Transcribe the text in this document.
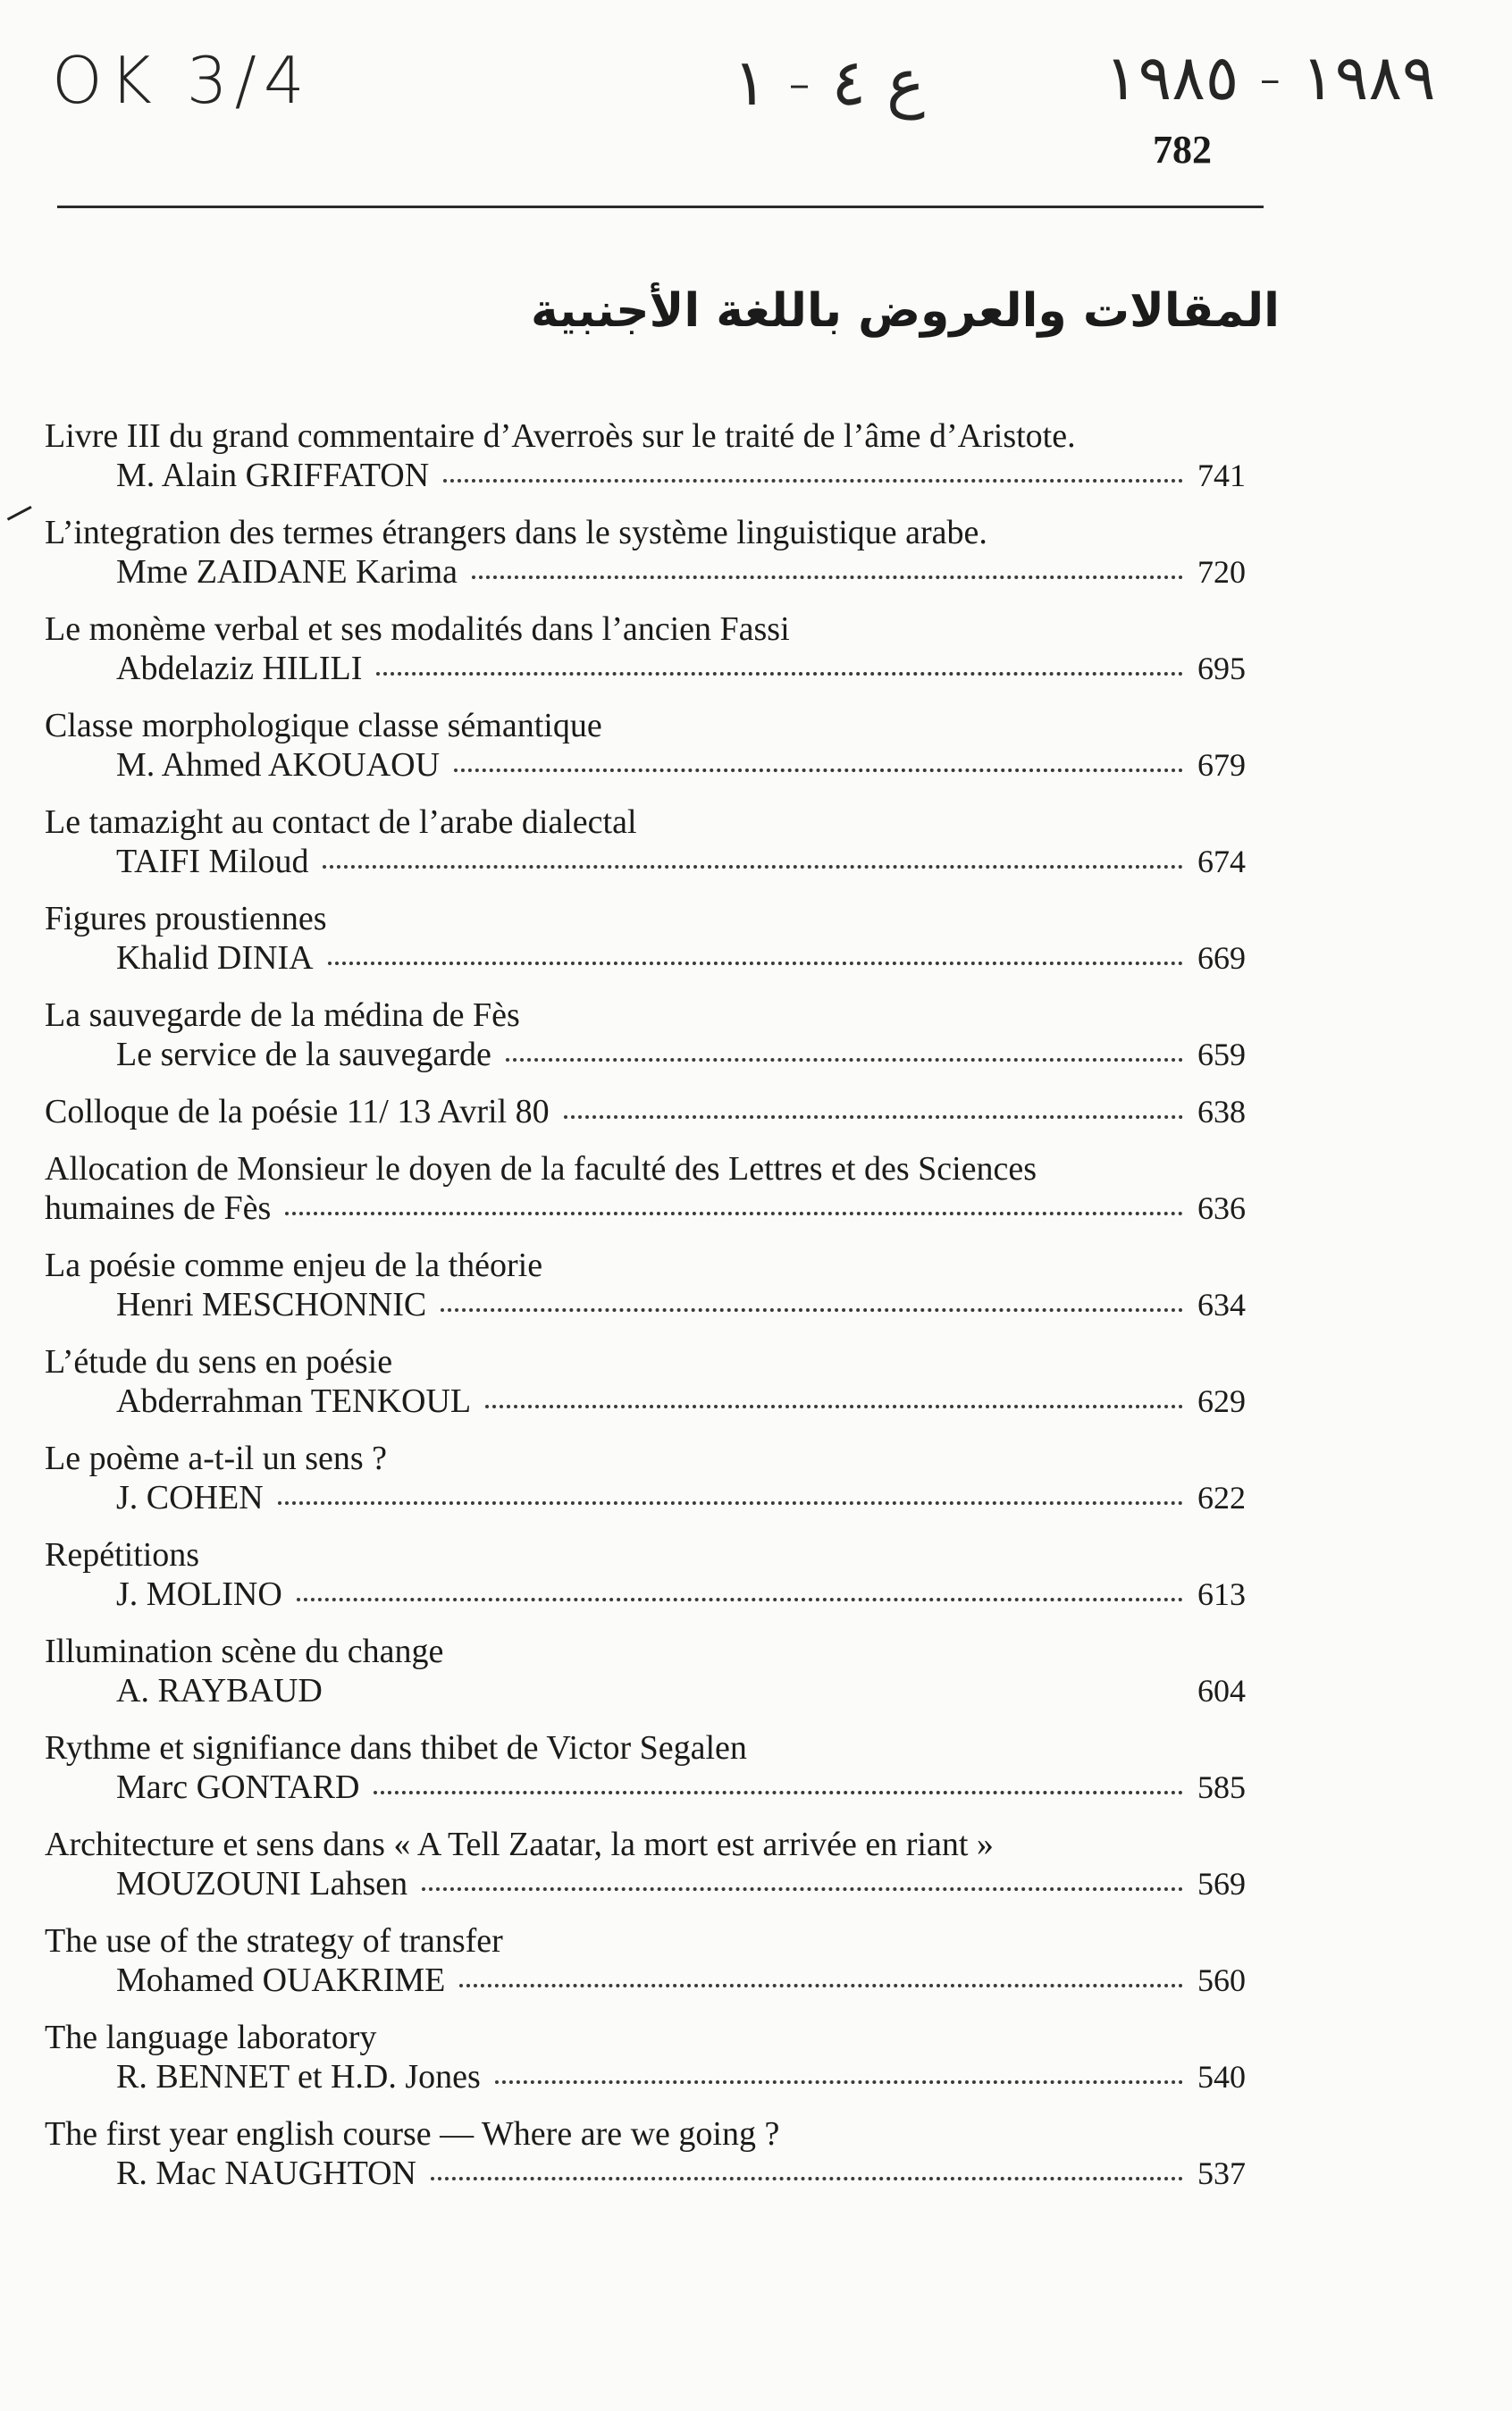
OK 3/4	ع ٤ - ١	١٩٨٩ - ١٩٨٥
782
المقالات والعروض باللغة الأجنبية
Livre III du grand commentaire d’Averroès sur le traité de l’âme d’Aristote.
M. Alain GRIFFATON	741
L’integration des termes étrangers dans le système linguistique arabe.
Mme ZAIDANE Karima	720
Le monème verbal et ses modalités dans l’ancien Fassi
Abdelaziz HILILI	695
Classe morphologique classe sémantique
M. Ahmed AKOUAOU	679
Le tamazight au contact de l’arabe dialectal
TAIFI Miloud	674
Figures proustiennes
Khalid DINIA	669
La sauvegarde de la médina de Fès
Le service de la sauvegarde	659
Colloque de la poésie 11/ 13 Avril 80	638
Allocation de Monsieur le doyen de la faculté des Lettres et des Sciences
humaines de Fès	636
La poésie comme enjeu de la théorie
Henri MESCHONNIC	634
L’étude du sens en poésie
Abderrahman TENKOUL	629
Le poème a-t-il un sens ?
J. COHEN	622
Repétitions
J. MOLINO	613
Illumination scène du change
A. RAYBAUD	604
Rythme et signifiance dans thibet de Victor Segalen
Marc GONTARD	585
Architecture et sens dans « A Tell Zaatar, la mort est arrivée en riant »
MOUZOUNI Lahsen	569
The use of the strategy of transfer
Mohamed OUAKRIME	560
The language laboratory
R. BENNET et H.D. Jones	540
The first year english course — Where are we going ?
R. Mac NAUGHTON	537
